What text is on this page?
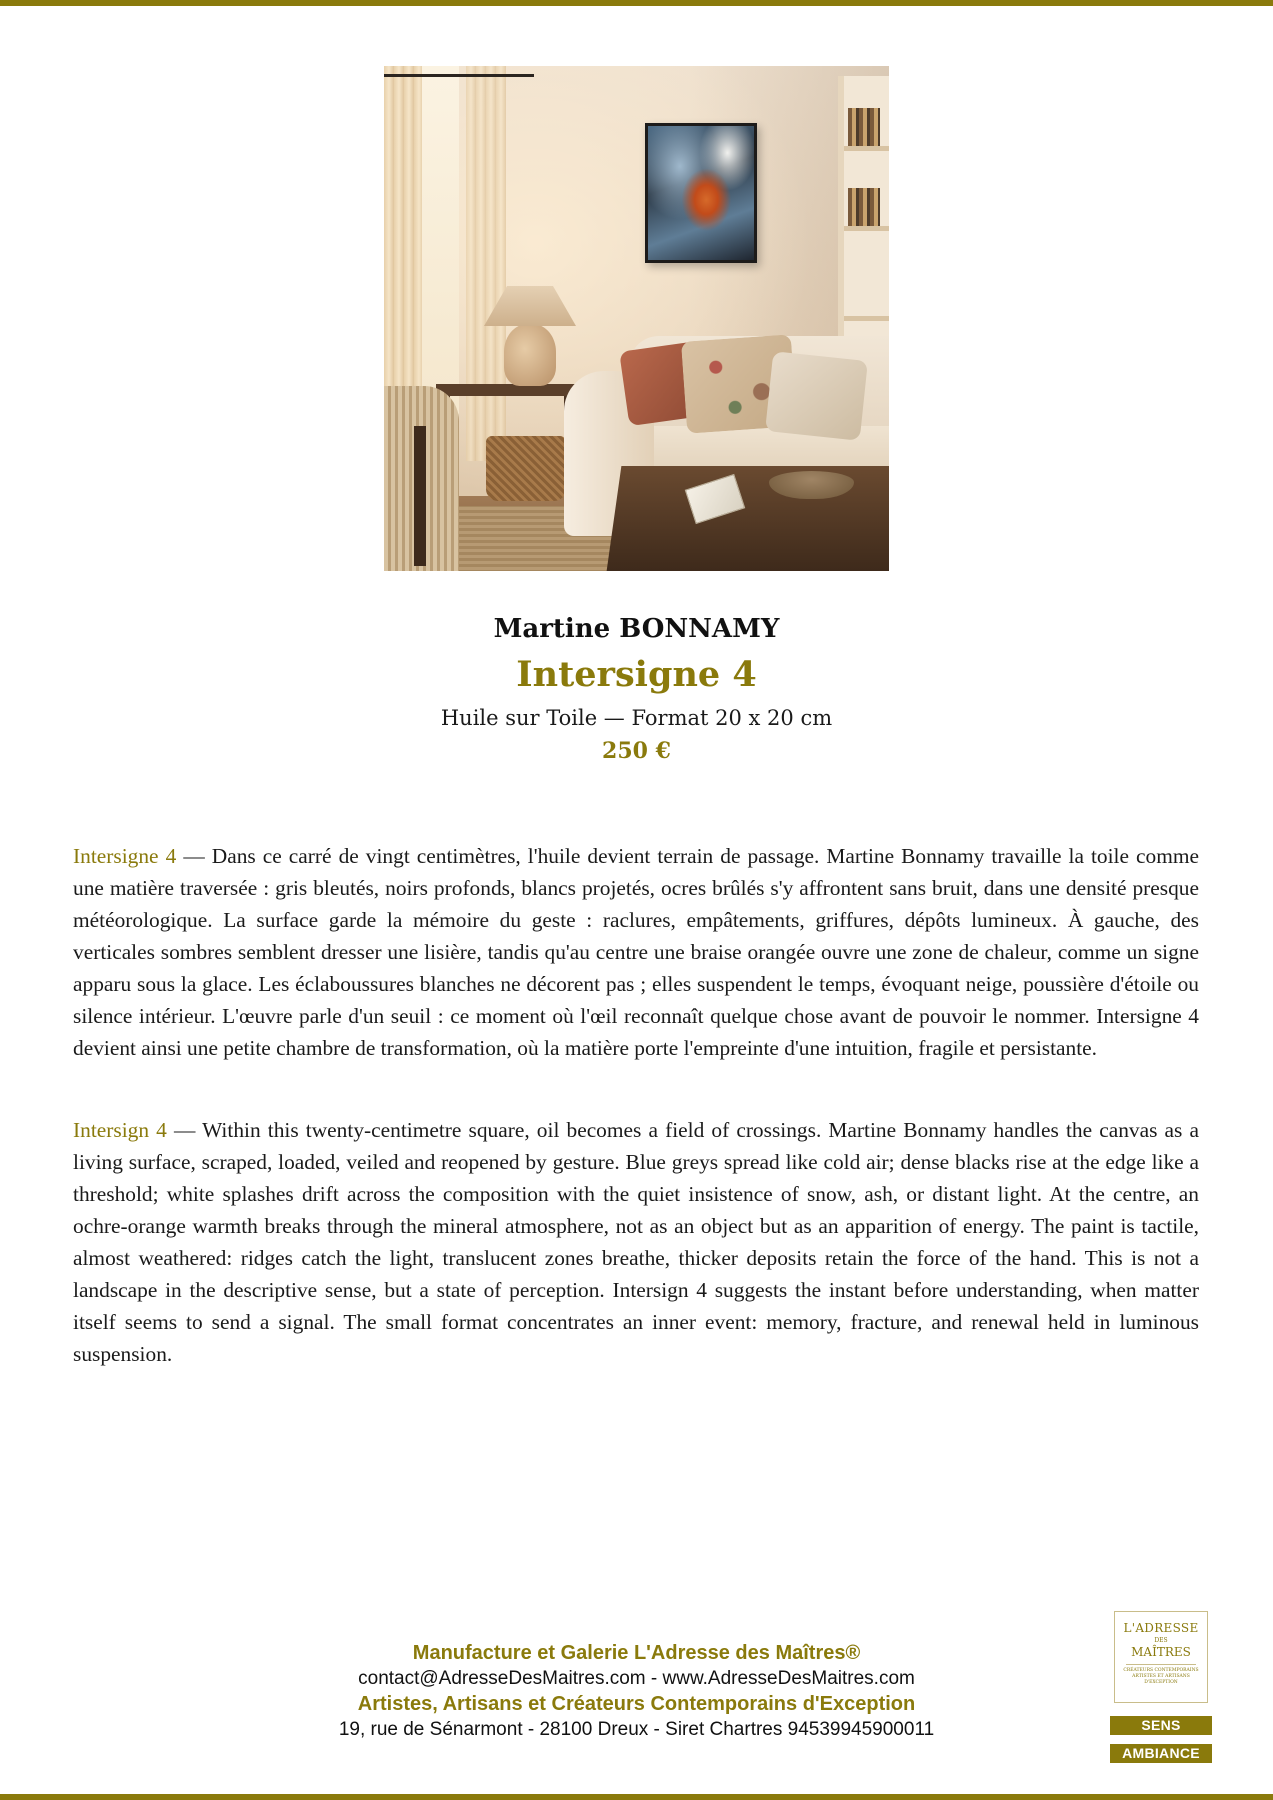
Martine BONNAMY
Intersigne 4
Huile sur Toile — Format 20 x 20 cm
250 €
Intersigne 4 — Dans ce carré de vingt centimètres, l'huile devient terrain de passage. Martine Bonnamy travaille la toile comme une matière traversée : gris bleutés, noirs profonds, blancs projetés, ocres brûlés s'y affrontent sans bruit, dans une densité presque météorologique. La surface garde la mémoire du geste : raclures, empâtements, griffures, dépôts lumineux. À gauche, des verticales sombres semblent dresser une lisière, tandis qu'au centre une braise orangée ouvre une zone de chaleur, comme un signe apparu sous la glace. Les éclaboussures blanches ne décorent pas ; elles suspendent le temps, évoquant neige, poussière d'étoile ou silence intérieur. L'œuvre parle d'un seuil : ce moment où l'œil reconnaît quelque chose avant de pouvoir le nommer. Intersigne 4 devient ainsi une petite chambre de transformation, où la matière porte l'empreinte d'une intuition, fragile et persistante.
Intersign 4 — Within this twenty-centimetre square, oil becomes a field of crossings. Martine Bonnamy handles the canvas as a living surface, scraped, loaded, veiled and reopened by gesture. Blue greys spread like cold air; dense blacks rise at the edge like a threshold; white splashes drift across the composition with the quiet insistence of snow, ash, or distant light. At the centre, an ochre-orange warmth breaks through the mineral atmosphere, not as an object but as an apparition of energy. The paint is tactile, almost weathered: ridges catch the light, translucent zones breathe, thicker deposits retain the force of the hand. This is not a landscape in the descriptive sense, but a state of perception. Intersign 4 suggests the instant before understanding, when matter itself seems to send a signal. The small format concentrates an inner event: memory, fracture, and renewal held in luminous suspension.
Manufacture et Galerie L'Adresse des Maîtres®
contact@AdresseDesMaitres.com - www.AdresseDesMaitres.com
Artistes, Artisans et Créateurs Contemporains d'Exception
19, rue de Sénarmont - 28100 Dreux - Siret Chartres 94539945900011
L'ADRESSE
DES
MAÎTRES
CRÉATEURS CONTEMPORAINS ARTISTES ET ARTISANS D'EXCEPTION
SENS
AMBIANCE
